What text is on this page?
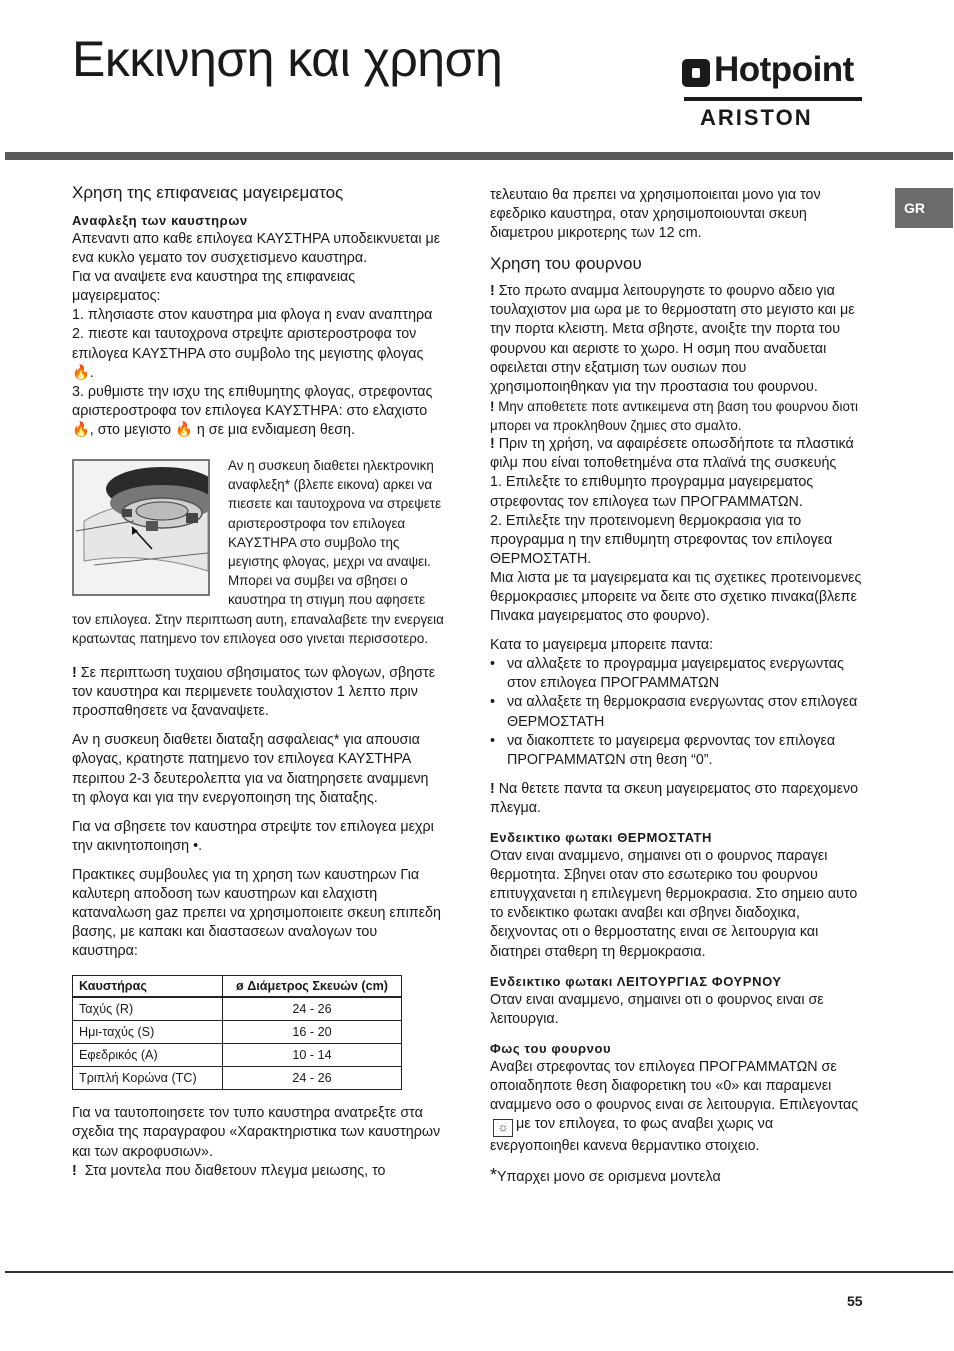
Εκκινηση και χρηση	Hotpoint
ARISTON
GR
Χρηση της επιφανειας μαγειρεματος
Αναφλεξη των καυστηρων

Απεναντι απο καθε επιλογεα ΚΑΥΣΤΗΡΑ υποδεικνυεται με ενα κυκλο γεματο τον συσχετισμενο καυστηρα.

Για να αναψετε ενα καυστηρα της επιφανειας μαγειρεματος:

1. πλησιαστε στον καυστηρα μια φλογα η εναν αναπτηρα

2. πιεστε και ταυτοχρονα στρεψτε αριστεροστροφα τον επιλογεα ΚΑΥΣΤΗΡΑ στο συμβολο της μεγιστης φλογας 🔥.

3. ρυθμιστε την ισχυ της επιθυμητης φλογας, στρεφοντας αριστεροστροφα τον επιλογεα ΚΑΥΣΤΗΡΑ: στο ελαχιστο 🔥, στο μεγιστο 🔥 η σε μια ενδιαμεση θεση.

Αν η συσκευη διαθετει ηλεκτρονικη αναφλεξη* (βλεπε εικονα) αρκει να πιεσετε και ταυτοχρονα να στρεψετε αριστεροστροφα τον επιλογεα ΚΑΥΣΤΗΡΑ στο συμβολο της μεγιστης φλογας, μεχρι να αναψει. Μπορει να συμβει να σβησει ο καυστηρα τη στιγμη που αφησετε τον επιλογεα. Στην περιπτωση αυτη, επαναλαβετε την ενεργεια κρατωντας πατημενο τον επιλογεα οσο γινεται περισσοτερο.

! Σε περιπτωση τυχαιου σβησιματος των φλογων, σβηστε τον καυστηρα και περιμενετε τουλαχιστον 1 λεπτο πριν προσπαθησετε να ξαναναψετε.

Αν η συσκευη διαθετει διαταξη ασφαλειας* για απουσια φλογας, κρατηστε πατημενο τον επιλογεα ΚΑΥΣΤΗΡΑ περιπου 2-3 δευτερολεπτα για να διατηρησετε αναμμενη τη φλογα και για την ενεργοποιηση της διαταξης.

Για να σβησετε τον καυστηρα στρεψτε τον επιλογεα μεχρι την ακινητοποιηση •.

Πρακτικες συμβουλες για τη χρηση των καυστηρων Για καλυτερη αποδοση των καυστηρων και ελαχιστη καταναλωση gaz πρεπει να χρησιμοποιειτε σκευη επιπεδη βασης, με καπακι και διαστασεων αναλογων του καυστηρα:

Καυστήρας	ø Διάμετρος Σκευών (cm)
Ταχύς (R)	24 - 26
Ημι-ταχύς (S)	16 - 20
Εφεδρικός (A)	10 - 14
Τριπλή Κορώνα (TC)	24 - 26

Για να ταυτοποιησετε τον τυπο καυστηρα ανατρεξτε στα σχεδια της παραγραφου «Χαρακτηριστικα των καυστηρων και των ακροφυσιων».

!  Στα μοντελα που διαθετουν πλεγμα μειωσης, το

τελευταιο θα πρεπει να χρησιμοποιειται μονο για τον εφεδρικο καυστηρα, οταν χρησιμοποιουνται σκευη διαμετρου μικροτερης των 12 cm.

Χρηση του φουρνου

! Στο πρωτο αναμμα λειτουργηστε το φουρνο αδειο για τουλαχιστον μια ωρα με το θερμοστατη στο μεγιστο και με την πορτα κλειστη. Μετα σβηστε, ανοιξτε την πορτα του φουρνου και αεριστε το χωρο. Η οσμη που αναδυεται οφειλεται στην εξατμιση των ουσιων που χρησιμοποιηθηκαν για την προστασια του φουρνου.

! Μην αποθετετε ποτε αντικειμενα στη βαση του φουρνου διοτι μπορει να προκληθουν ζημιες στο σμαλτο.

! Πριν τη χρήση, να αφαιρέσετε οπωσδήποτε τα πλαστικά φιλμ που είναι τοποθετημένα στα πλαϊνά της συσκευής

1. Επιλεξτε το επιθυμητο προγραμμα μαγειρεματος στρεφοντας τον επιλογεα των ΠΡΟΓΡΑΜΜΑΤΩΝ.

2. Επιλεξτε την προτεινομενη θερμοκρασια για το προγραμμα η την επιθυμητη στρεφοντας τον επιλογεα ΘΕΡΜΟΣΤΑΤΗ.

Μια λιστα με τα μαγειρεματα και τις σχετικες προτεινομενες θερμοκρασιες μπορειτε να δειτε στο σχετικο πινακα(βλεπε Πινακα μαγειρεματος στο φουρνο).

Κατα το μαγειρεμα μπορειτε παντα:

• να αλλαξετε το προγραμμα μαγειρεματος ενεργωντας στον επιλογεα ΠΡΟΓΡΑΜΜΑΤΩΝ
• να αλλαξετε τη θερμοκρασια ενεργωντας στον επιλογεα ΘΕΡΜΟΣΤΑΤΗ
• να διακοπτετε το μαγειρεμα φερνοντας τον επιλογεα ΠΡΟΓΡΑΜΜΑΤΩΝ στη θεση “0”.

! Να θετετε παντα τα σκευη μαγειρεματος στο παρεχομενο πλεγμα.

Ενδεικτικο φωτακι ΘΕΡΜΟΣΤΑΤΗ

Οταν ειναι αναμμενο, σημαινει οτι ο φουρνος παραγει θερμοτητα. Σβηνει οταν στο εσωτερικο του φουρνου επιτυγχανεται η επιλεγμενη θερμοκρασια. Στο σημειο αυτο το ενδεικτικο φωτακι αναβει και σβηνει διαδοχικα, δειχνοντας οτι ο θερμοστατης ειναι σε λειτουργια και διατηρει σταθερη τη θερμοκρασια.

Ενδεικτικο φωτακι ΛΕΙΤΟΥΡΓΙΑΣ ΦΟΥΡΝΟΥ

Οταν ειναι αναμμενο, σημαινει οτι ο φουρνος ειναι σε λειτουργια.

Φως του φουρνου

Αναβει στρεφοντας τον επιλογεα ΠΡΟΓΡΑΜΜΑΤΩΝ σε οποιαδηποτε θεση διαφορετικη του «0» και παραμενει αναμμενο οσο ο φουρνος ειναι σε λειτουργια. Επιλεγοντας☼ με τον επιλογεα, το φως αναβει χωρις να ενεργοποιηθει κανενα θερμαντικο στοιχειο.

*Υπαρχει μονο σε ορισμενα μοντελα

55
